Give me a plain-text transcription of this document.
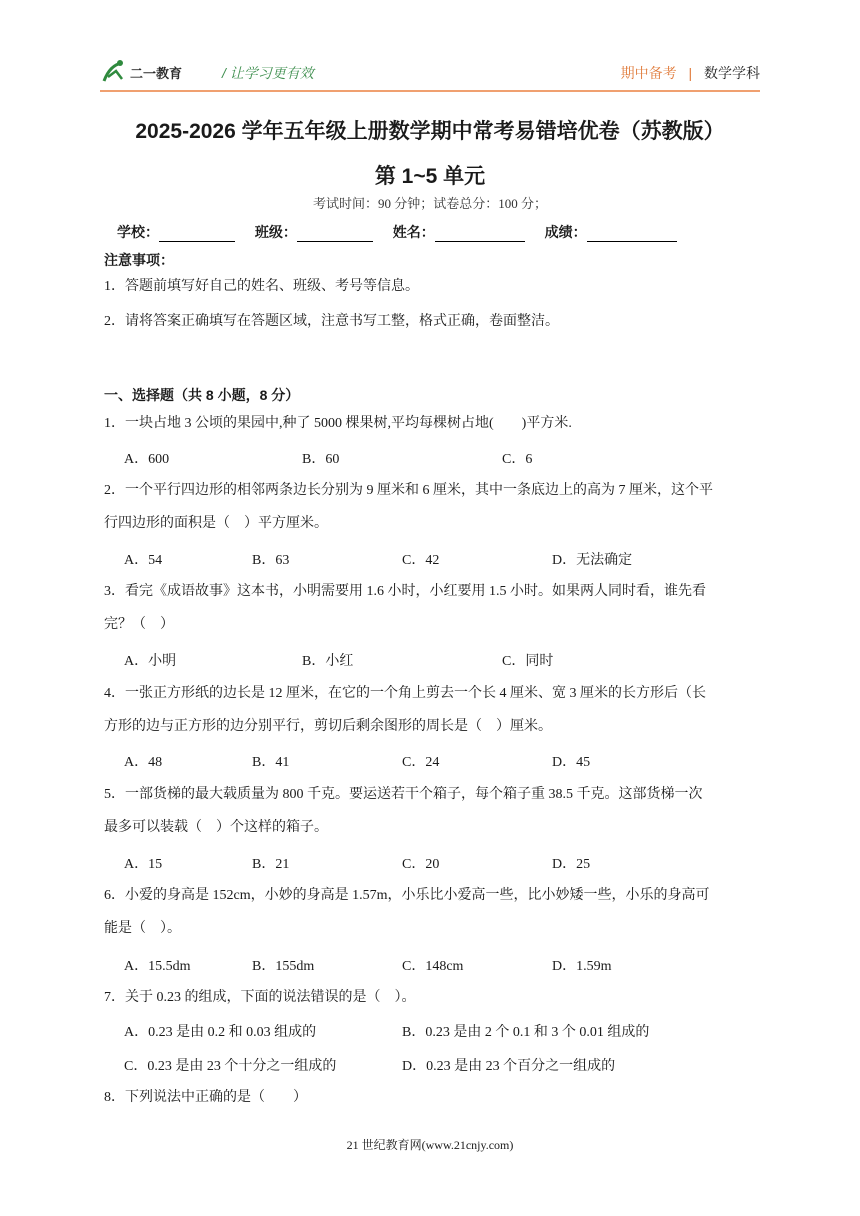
二一教育	/ 让学习更有效	期中备考 | 数学学科
2025-2026 学年五年级上册数学期中常考易错培优卷（苏教版）
第 1~5 单元
考试时间：90 分钟；试卷总分：100 分；
学校：	班级：	姓名：	成绩：
注意事项：
1．答题前填写好自己的姓名、班级、考号等信息。
2．请将答案正确填写在答题区域，注意书写工整，格式正确，卷面整洁。
一、选择题（共 8 小题，8 分）
1．一块占地 3 公顷的果园中,种了 5000 棵果树,平均每棵树占地(　　)平方米.
A．600	B．60	C．6
2．一个平行四边形的相邻两条边长分别为 9 厘米和 6 厘米，其中一条底边上的高为 7 厘米，这个平
行四边形的面积是（　）平方厘米。
A．54	B．63	C．42	D．无法确定
3．看完《成语故事》这本书，小明需要用 1.6 小时，小红要用 1.5 小时。如果两人同时看，谁先看
完？（　）
A．小明	B．小红	C．同时
4．一张正方形纸的边长是 12 厘米，在它的一个角上剪去一个长 4 厘米、宽 3 厘米的长方形后（长
方形的边与正方形的边分别平行，剪切后剩余图形的周长是（　）厘米。
A．48	B．41	C．24	D．45
5．一部货梯的最大载质量为 800 千克。要运送若干个箱子，每个箱子重 38.5 千克。这部货梯一次
最多可以装载（　）个这样的箱子。
A．15	B．21	C．20	D．25
6．小爱的身高是 152cm，小妙的身高是 1.57m，小乐比小爱高一些，比小妙矮一些，小乐的身高可
能是（　）。
A．15.5dm	B．155dm	C．148cm	D．1.59m
7．关于 0.23 的组成，下面的说法错误的是（　）。
A．0.23 是由 0.2 和 0.03 组成的	B．0.23 是由 2 个 0.1 和 3 个 0.01 组成的
C．0.23 是由 23 个十分之一组成的	D．0.23 是由 23 个百分之一组成的
8．下列说法中正确的是（　　）
21 世纪教育网(www.21cnjy.com)
